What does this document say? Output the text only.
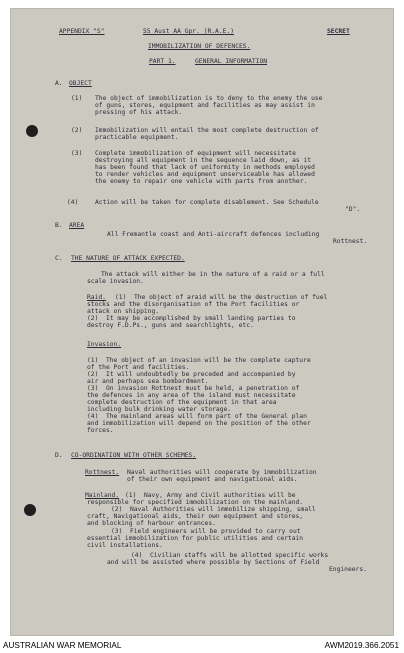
APPENDIX "S"	55 Aust AA Gpr. (R.A.E.)	SECRET
IMMOBILIZATION OF DEFENCES.
PART 1.	GENERAL INFORMATION
A. OBJECT
(1) The object of immobilization is to deny to the enemy the use
of guns, stores, equipment and facilities as may assist in
pressing of his attack.
(2) Immobilization will entail the most complete destruction of
practicable equipment.
(3) Complete immobilization of equipment will necessitate
destroying all equipment in the sequence laid down, as it
has been found that lack of uniformity in methods employed
to render vehicles and equipment unserviceable has allowed
the enemy to repair one vehicle with parts from another.
(4)	Action will be taken for complete disablement. See Schedule
"D".
B. AREA
All Fremantle coast and Anti-aircraft defences including
Rottnest.
C. THE NATURE OF ATTACK EXPECTED.
The attack will either be in the nature of a raid or a full
scale invasion.
Raid. (1)  The object of araid will be the destruction of fuel
stocks and the disorganisation of the Port facilities or
attack on shipping.
(2)  It may be accomplished by small landing parties to
destroy F.D.Ps., guns and searchlights, etc.
Invasion.
(1)  The object of an invasion will be the complete capture
of the Port and facilities.
(2)  It will undoubtedly be preceded and accompanied by
air and perhaps sea bombardment.
(3)  On invasion Rottnest must be held, a penetration of
the defences in any area of the island must necessitate
complete destruction of the equipment in that area
including bulk drinking water storage.
(4)  The mainland areas will form part of the General plan
and immobilization will depend on the position of the other
forces.
D. CO-ORDINATION WITH OTHER SCHEMES.
Rottnest. Naval authorities will cooperate by immobilization
of their own equipment and navigational aids.
Mainland. (1)  Navy, Army and Civil authorities will be
responsible for specified immobilization on the mainland.
(2)  Naval Authorities will immobilize shipping, small
craft, Navigational aids, their own equipment and stores,
and blocking of harbour entrances.
(3)  Field engineers will be provided to carry out
essential immobilization for public utilities and certain
civil installations.
(4)  Civilian staffs will be allotted specific works
and will be assisted where possible by Sections of Field
Engineers.
AUSTRALIAN WAR MEMORIAL	AWM2019.366.2051
